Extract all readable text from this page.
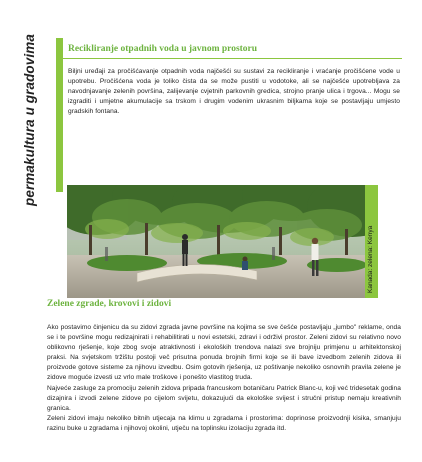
permakultura u gradovima	Recikliranje otpadnih voda u javnom prostoru

Biljni uređaji za pročišćavanje otpadnih voda najčešći su sustavi za recikliranje i vraćanje pročišćene vode u upotrebu. Pročišćena voda je toliko čista da se može pustiti u vodotoke, ali se najčešće upotrebljava za navodnjavanje zelenih površina, zalijevanje cvjetnih parkovnih gredica, strojno pranje ulica i trgova... Mogu se izgraditi i umjetne akumulacije sa trskom i drugim vodenim ukrasnim biljkama koje se postavljaju umjesto gradskih fontana.

Kanada: zelena: Kenya
Zelene zgrade, krovovi i zidovi

Ako postavimo činjenicu da su zidovi zgrada javne površine na kojima se sve češće postavljaju „jumbo" reklame, onda se i te površine mogu redizajnirati i rehabilitirati u novi estetski, zdravi i održivi prostor. Zeleni zidovi su relativno novo oblikovno rješenje, koje zbog svoje atraktivnosti i ekoloških trendova nalazi sve brojniju primjenu u arhitektonskoj praksi. Na svjetskom tržištu postoji več prisutna ponuda brojnih firmi koje se ili bave izvedbom zelenih zidova ili proizvode gotove sisteme za njihovu izvedbu. Osim gotovih rješenja, uz poštivanje nekoliko osnovnih pravila zelene je zidove moguće izvesti uz vrlo male troškove i ponešto vlastitog truda.

Najveće zasluge za promociju zelenih zidova pripada francuskom botaničaru Patrick Blanc-u, koji već tridesetak godina dizajnira i izvodi zelene zidove po cijelom svijetu, dokazujući da ekološke svijest i stručni pristup nemaju kreativnih granica.

Zeleni zidovi imaju nekoliko bitnih utjecaja na klimu u zgradama i prostorima: doprinose proizvodnji kisika, smanjuju razinu buke u zgradama i njihovoj okolini, utječu na toplinsku izolaciju zgrada itd.
